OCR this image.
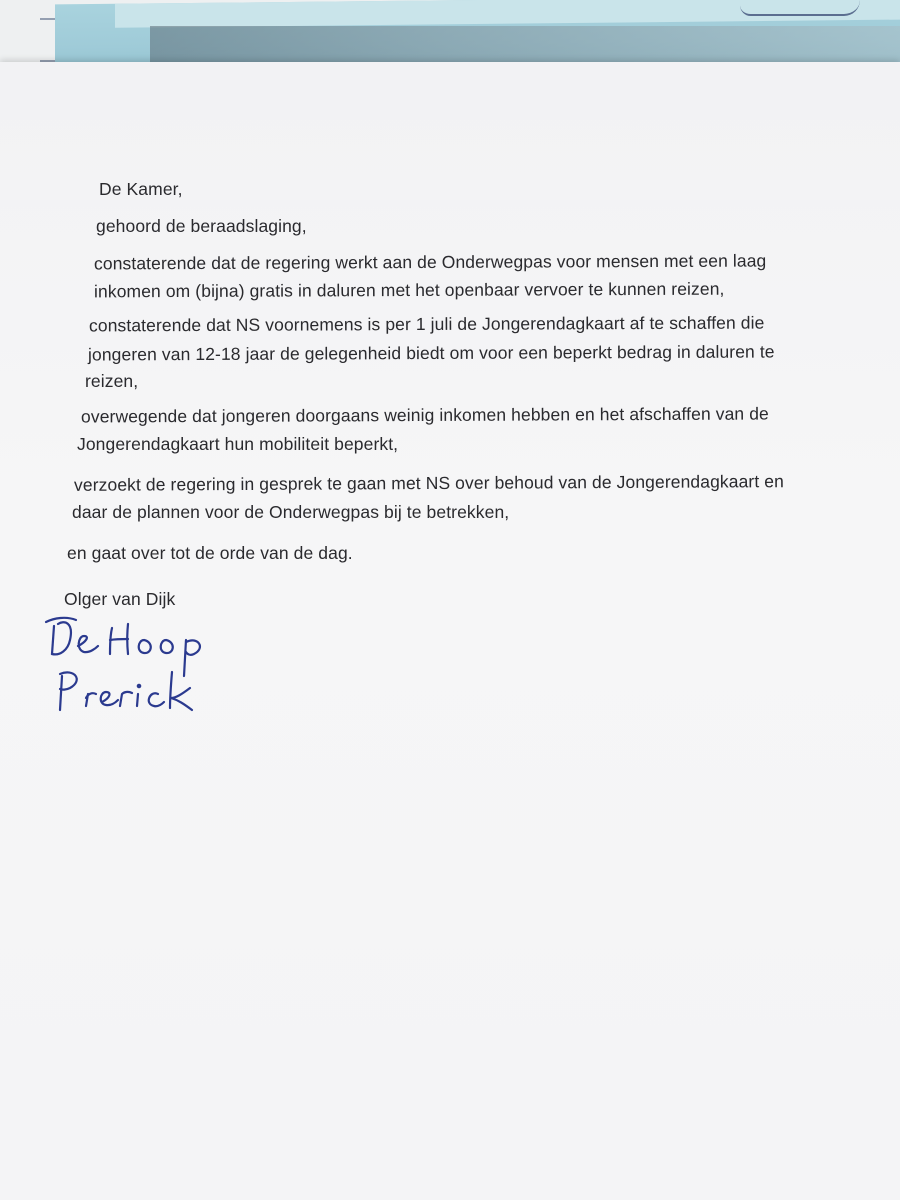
De Kamer,
gehoord de beraadslaging,
constaterende dat de regering werkt aan de Onderwegpas voor mensen met een laag
inkomen om (bijna) gratis in daluren met het openbaar vervoer te kunnen reizen,
constaterende dat NS voornemens is per 1 juli de Jongerendagkaart af te schaffen die
jongeren van 12-18 jaar de gelegenheid biedt om voor een beperkt bedrag in daluren te
reizen,
overwegende dat jongeren doorgaans weinig inkomen hebben en het afschaffen van de
Jongerendagkaart hun mobiliteit beperkt,
verzoekt de regering in gesprek te gaan met NS over behoud van de Jongerendagkaart en
daar de plannen voor de Onderwegpas bij te betrekken,
en gaat over tot de orde van de dag.
Olger van Dijk
